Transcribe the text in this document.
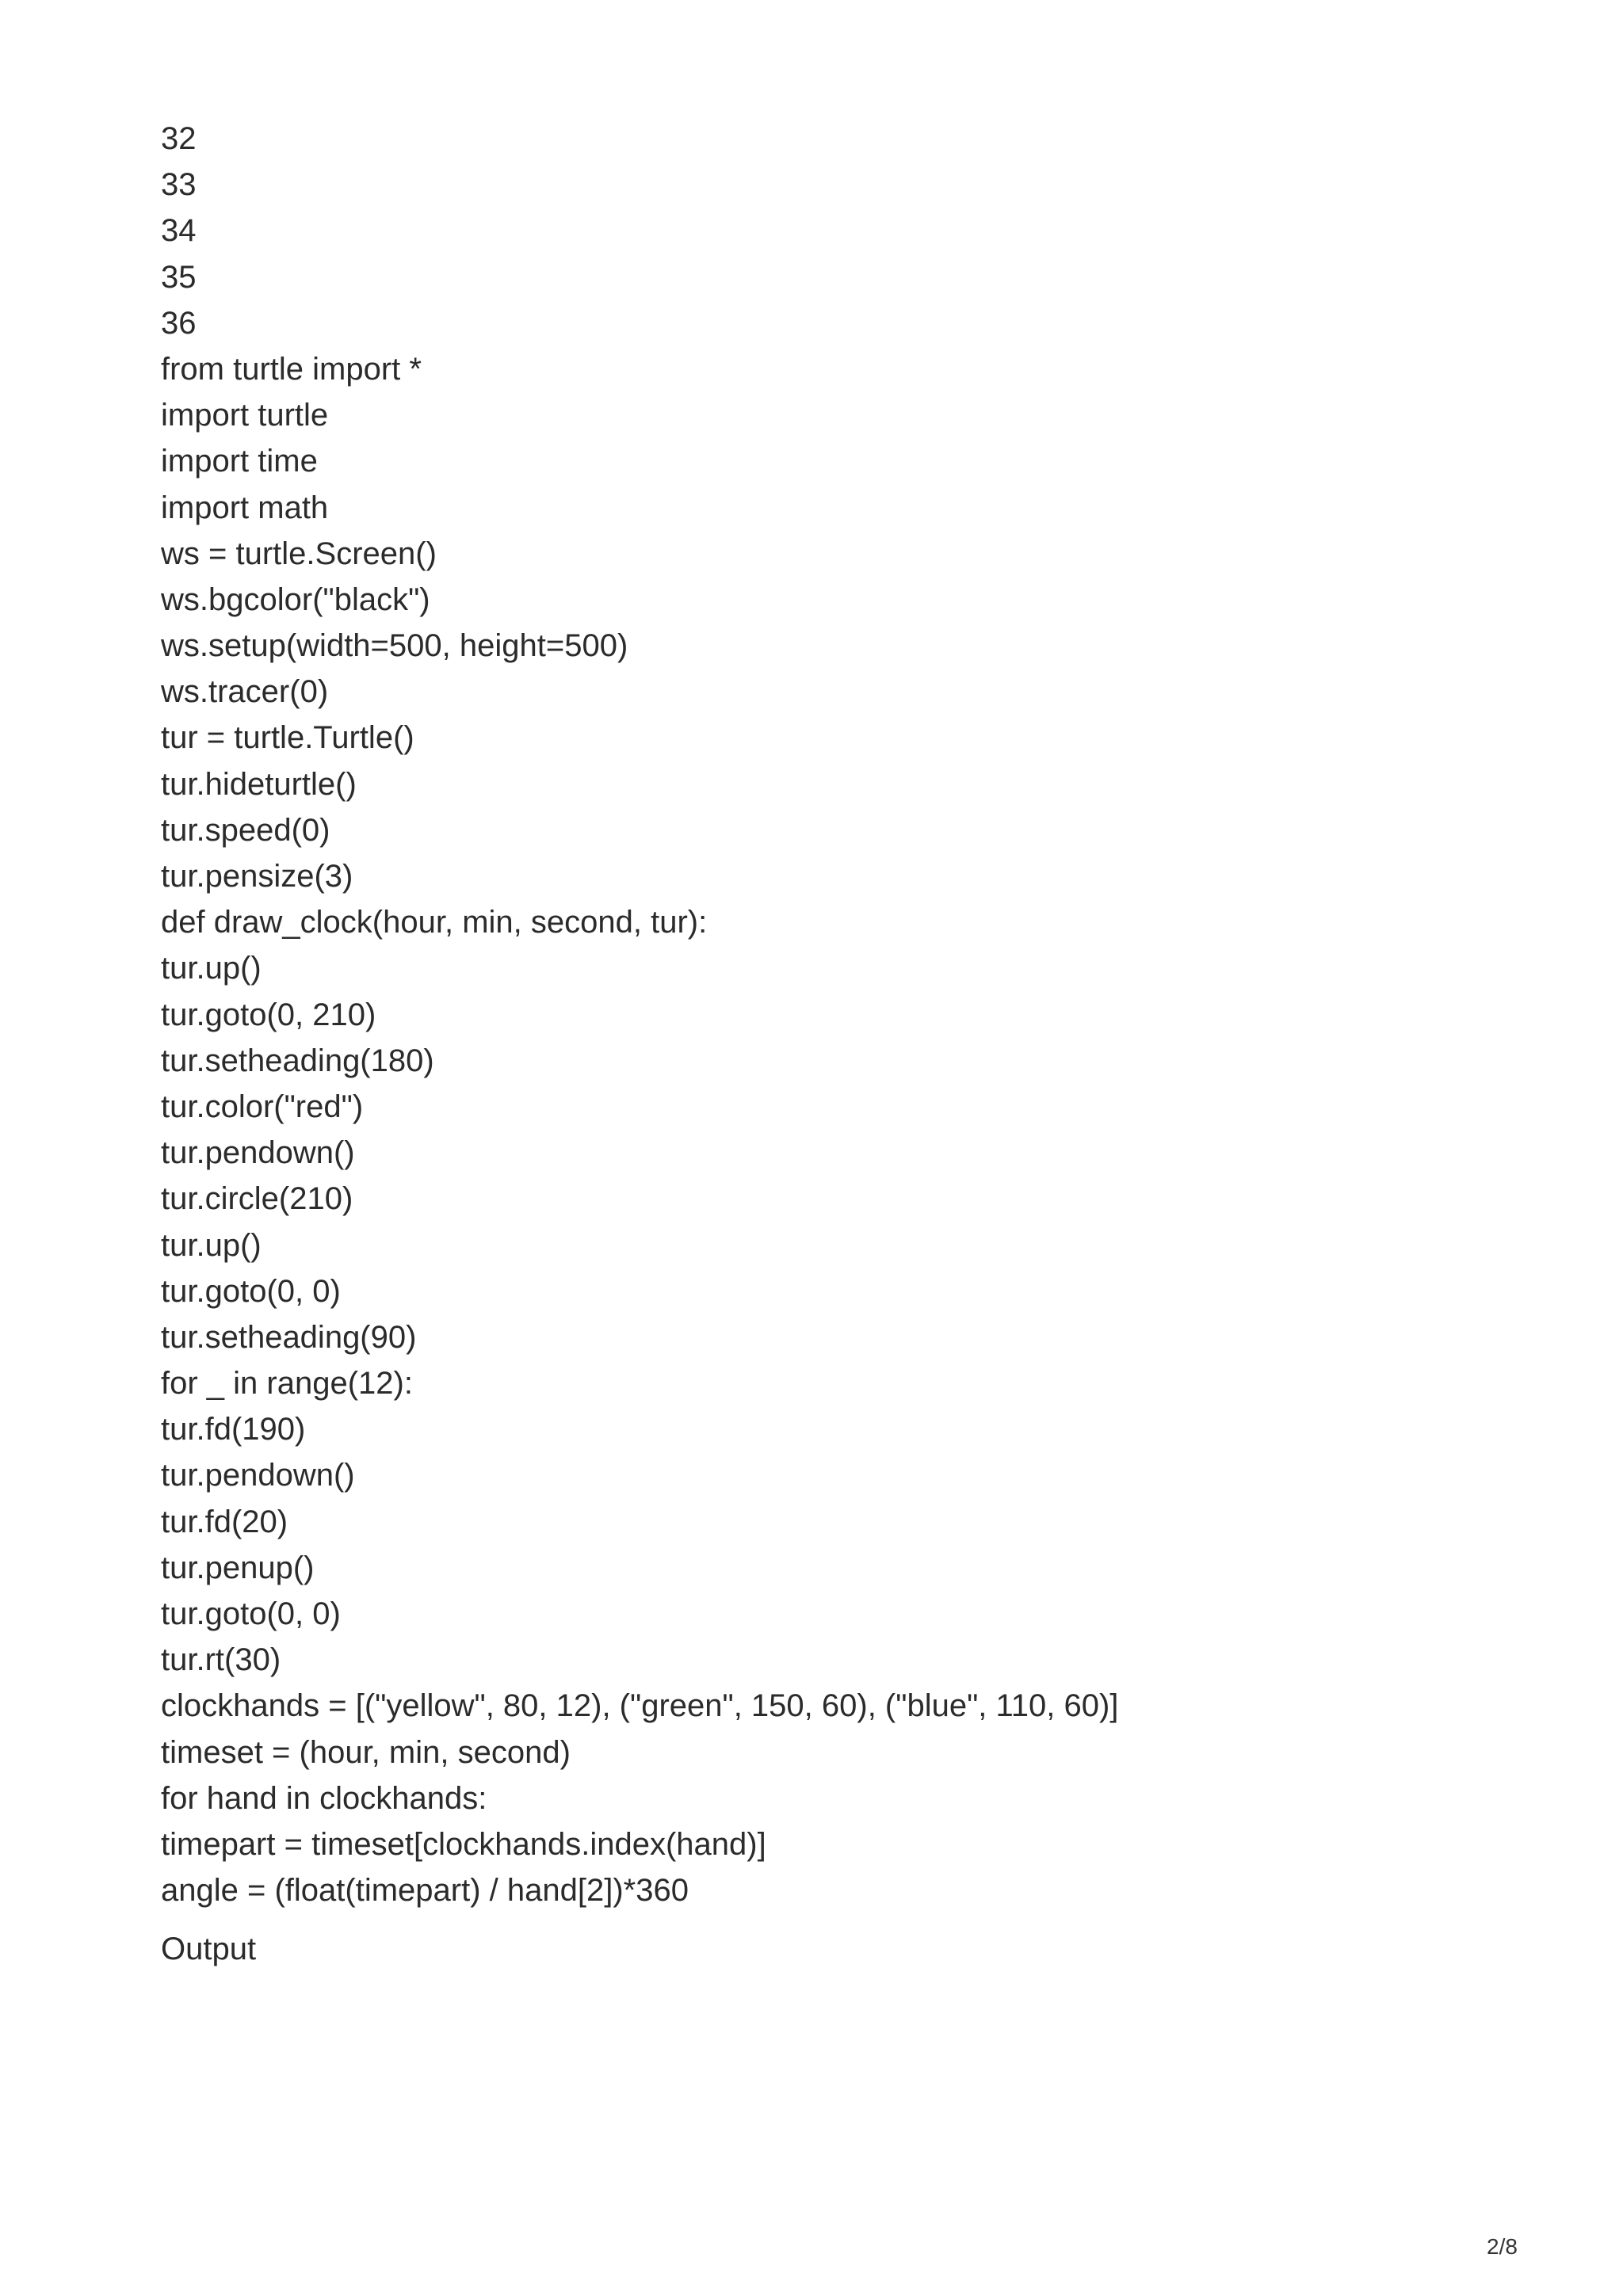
32
33
34
35
36
from turtle import *
import turtle
import time
import math
ws = turtle.Screen()
ws.bgcolor("black")
ws.setup(width=500, height=500)
ws.tracer(0)
tur = turtle.Turtle()
tur.hideturtle()
tur.speed(0)
tur.pensize(3)
def draw_clock(hour, min, second, tur):
tur.up()
tur.goto(0, 210)
tur.setheading(180)
tur.color("red")
tur.pendown()
tur.circle(210)
tur.up()
tur.goto(0, 0)
tur.setheading(90)
for _ in range(12):
tur.fd(190)
tur.pendown()
tur.fd(20)
tur.penup()
tur.goto(0, 0)
tur.rt(30)
clockhands = [("yellow", 80, 12), ("green", 150, 60), ("blue", 110, 60)]
timeset = (hour, min, second)
for hand in clockhands:
timepart = timeset[clockhands.index(hand)]
angle = (float(timepart) / hand[2])*360
Output
2/8
